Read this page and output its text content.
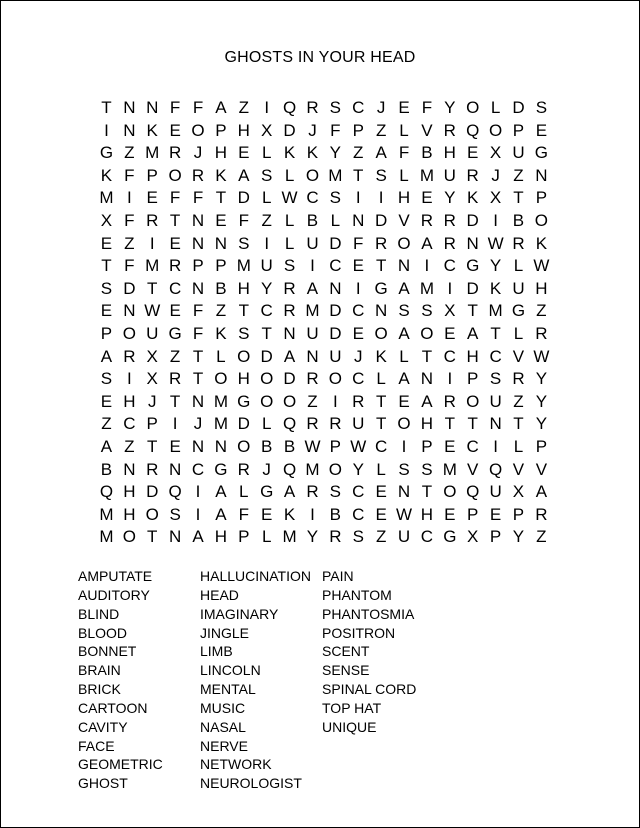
GHOSTS IN YOUR HEAD
T N N F F A Z I Q R S C J E F Y O L D S
I N K E O P H X D J F P Z L V R Q O P E
G Z M R J H E L K K Y Z A F B H E X U G
K F P O R K A S L O M T S L M U R J Z N
M I E F F T D L W C S I	I H E Y K X T P
X F R T N E F Z L B L N D V R R D I B O
E Z I E N N S I L U D F R O A R N W R K
T F M R P P M U S I C E T N I C G Y L W
S D T C N B H Y R A N I G A M I D K U H
E N W E F Z T C R M D C N S S X T M G Z
P O U G F K S T N U D E O A O E A T L R
A R X Z T L O D A N U J K L T C H C V W
S I X R T O H O D R O C L A N I P S R Y
E H J T N M G O O Z I R T E A R O U Z Y
Z C P I J M D L Q R R U T O H T T N T Y
A Z T E N N O B B W P W C I P E C I L P
B N R N C G R J Q M O Y L S S M V Q V V
Q H D Q I A L G A R S C E N T O Q U X A
M H O S I A F E K I B C E W H E P E P R
M O T N A H P L M Y R S Z U C G X P Y Z
AMPUTATE
AUDITORY
BLIND
BLOOD
BONNET
BRAIN
BRICK
CARTOON
CAVITY
FACE
GEOMETRIC
GHOST
HALLUCINATION
HEAD
IMAGINARY
JINGLE
LIMB
LINCOLN
MENTAL
MUSIC
NASAL
NERVE
NETWORK
NEUROLOGIST
PAIN
PHANTOM
PHANTOSMIA
POSITRON
SCENT
SENSE
SPINAL CORD
TOP HAT
UNIQUE
